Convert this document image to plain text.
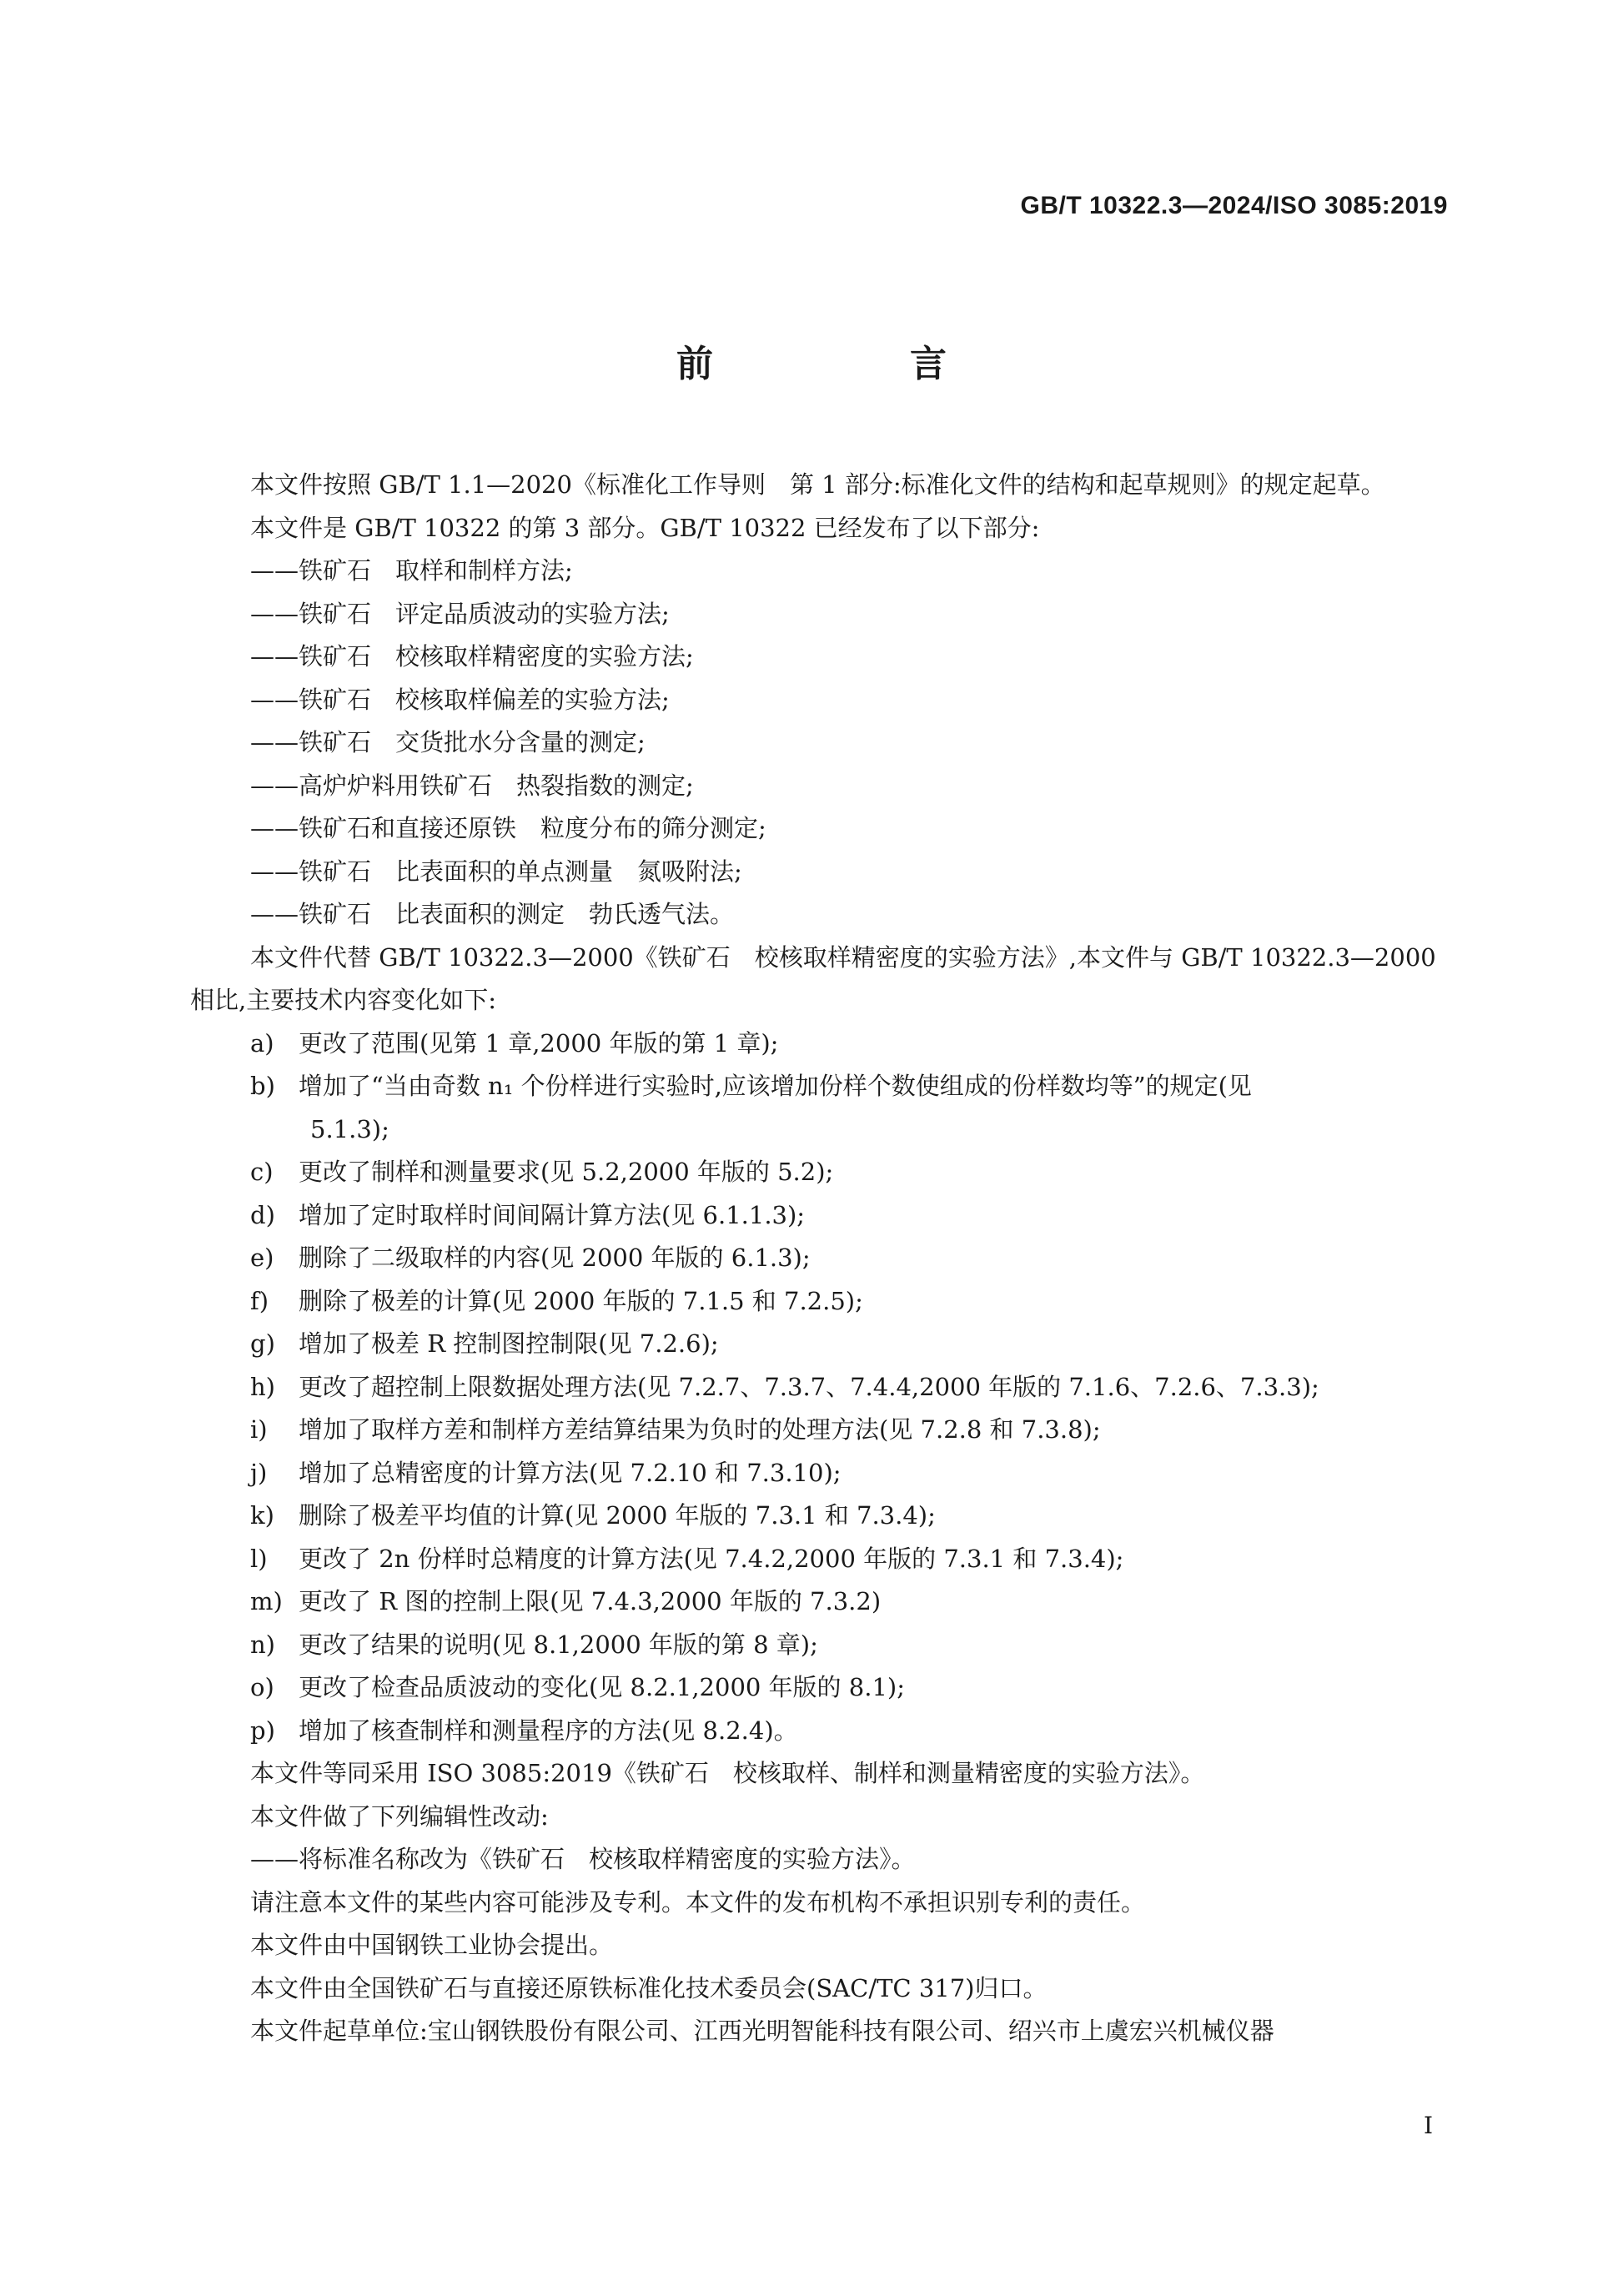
GB/T 10322.3—2024/ISO 3085:2019
前　言

本文件按照 GB/T 1.1—2020《标准化工作导则　第 1 部分:标准化文件的结构和起草规则》的规定起草。

本文件是 GB/T 10322 的第 3 部分。GB/T 10322 已经发布了以下部分:

——铁矿石　取样和制样方法;

——铁矿石　评定品质波动的实验方法;

——铁矿石　校核取样精密度的实验方法;

——铁矿石　校核取样偏差的实验方法;

——铁矿石　交货批水分含量的测定;

——高炉炉料用铁矿石　热裂指数的测定;

——铁矿石和直接还原铁　粒度分布的筛分测定;

——铁矿石　比表面积的单点测量　氮吸附法;

——铁矿石　比表面积的测定　勃氏透气法。

本文件代替 GB/T 10322.3—2000《铁矿石　校核取样精密度的实验方法》,本文件与 GB/T 10322.3—2000 相比,主要技术内容变化如下:

a) 更改了范围(见第 1 章,2000 年版的第 1 章);
b) 增加了“当由奇数 n₁ 个份样进行实验时,应该增加份样个数使组成的份样数均等”的规定(见
5.1.3);
c) 更改了制样和测量要求(见 5.2,2000 年版的 5.2);
d) 增加了定时取样时间间隔计算方法(见 6.1.1.3);
e) 删除了二级取样的内容(见 2000 年版的 6.1.3);
f) 删除了极差的计算(见 2000 年版的 7.1.5 和 7.2.5);
g) 增加了极差 R 控制图控制限(见 7.2.6);
h) 更改了超控制上限数据处理方法(见 7.2.7、7.3.7、7.4.4,2000 年版的 7.1.6、7.2.6、7.3.3);
i) 增加了取样方差和制样方差结算结果为负时的处理方法(见 7.2.8 和 7.3.8);
j) 增加了总精密度的计算方法(见 7.2.10 和 7.3.10);
k) 删除了极差平均值的计算(见 2000 年版的 7.3.1 和 7.3.4);
l) 更改了 2n 份样时总精度的计算方法(见 7.4.2,2000 年版的 7.3.1 和 7.3.4);
m) 更改了 R 图的控制上限(见 7.4.3,2000 年版的 7.3.2)
n) 更改了结果的说明(见 8.1,2000 年版的第 8 章);
o) 更改了检查品质波动的变化(见 8.2.1,2000 年版的 8.1);
p) 增加了核查制样和测量程序的方法(见 8.2.4)。

本文件等同采用 ISO 3085:2019《铁矿石　校核取样、制样和测量精密度的实验方法》。

本文件做了下列编辑性改动:

——将标准名称改为《铁矿石　校核取样精密度的实验方法》。

请注意本文件的某些内容可能涉及专利。本文件的发布机构不承担识别专利的责任。

本文件由中国钢铁工业协会提出。

本文件由全国铁矿石与直接还原铁标准化技术委员会(SAC/TC 317)归口。

本文件起草单位:宝山钢铁股份有限公司、江西光明智能科技有限公司、绍兴市上虞宏兴机械仪器

I
